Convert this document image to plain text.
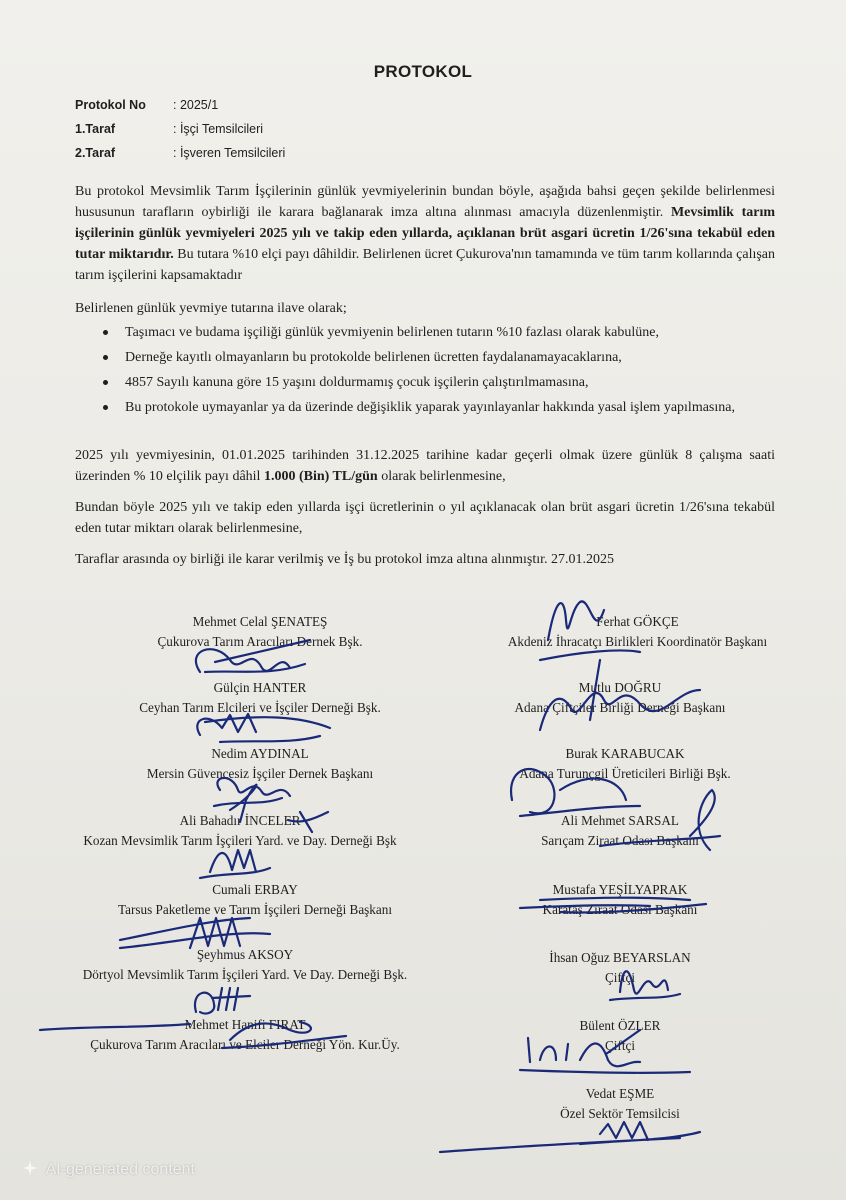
PROTOKOL
Protokol No : 2025/1
1.Taraf	: İşçi Temsilcileri
2.Taraf	: İşveren Temsilcileri
Bu protokol Mevsimlik Tarım İşçilerinin günlük yevmiyelerinin bundan böyle, aşağıda bahsi geçen şekilde belirlenmesi hususunun tarafların oybirliği ile karara bağlanarak imza altına alınması amacıyla düzenlenmiştir. Mevsimlik tarım işçilerinin günlük yevmiyeleri 2025 yılı ve takip eden yıllarda, açıklanan brüt asgari ücretin 1/26'sına tekabül eden tutar miktarıdır. Bu tutara %10 elçi payı dâhildir. Belirlenen ücret Çukurova'nın tamamında ve tüm tarım kollarında çalışan tarım işçilerini kapsamaktadır
Belirlenen günlük yevmiye tutarına ilave olarak;
Taşımacı ve budama işçiliği günlük yevmiyenin belirlenen tutarın %10 fazlası olarak kabulüne,
Derneğe kayıtlı olmayanların bu protokolde belirlenen ücretten faydalanamayacaklarına,
4857 Sayılı kanuna göre 15 yaşını doldurmamış çocuk işçilerin çalıştırılmamasına,
Bu protokole uymayanlar ya da üzerinde değişiklik yaparak yayınlayanlar hakkında yasal işlem yapılmasına,
2025 yılı yevmiyesinin, 01.01.2025 tarihinden 31.12.2025 tarihine kadar geçerli olmak üzere günlük 8 çalışma saati üzerinden % 10 elçilik payı dâhil 1.000 (Bin) TL/gün olarak belirlenmesine,
Bundan böyle 2025 yılı ve takip eden yıllarda işçi ücretlerinin o yıl açıklanacak olan brüt asgari ücretin 1/26'sına tekabül eden tutar miktarı olarak belirlenmesine,
Taraflar arasında oy birliği ile karar verilmiş ve İş bu protokol imza altına alınmıştır. 27.01.2025
Mehmet Celal ŞENATEŞ
Çukurova Tarım Aracıları Dernek Bşk.
Gülçin HANTER
Ceyhan Tarım Elcileri ve İşçiler Derneği Bşk.
Nedim AYDINAL
Mersin Güvencesiz İşçiler Dernek Başkanı
Ali Bahadır İNCELER
Kozan Mevsimlik Tarım İşçileri Yard. ve Day. Derneği Bşk
Cumali ERBAY
Tarsus Paketleme ve Tarım İşçileri Derneği Başkanı
Şeyhmus AKSOY
Dörtyol Mevsimlik Tarım İşçileri Yard. Ve Day. Derneği Bşk.
Mehmet Hanifi FIRAT
Çukurova Tarım Aracıları ve Elciler Derneği Yön. Kur.Üy.
Ferhat GÖKÇE
Akdeniz İhracatçı Birlikleri Koordinatör Başkanı
Mutlu DOĞRU
Adana Çiftçiler Birliği Derneği Başkanı
Burak KARABUCAK
Adana Turunçgil Üreticileri Birliği Bşk.
Ali Mehmet SARSAL
Sarıçam Ziraat Odası Başkanı
Mustafa YEŞİLYAPRAK
Karataş Ziraat Odası Başkanı
İhsan Oğuz BEYARSLAN
Çiftçi
Bülent ÖZLER
Çiftçi
Vedat EŞME
Özel Sektör Temsilcisi
AI-generated content
